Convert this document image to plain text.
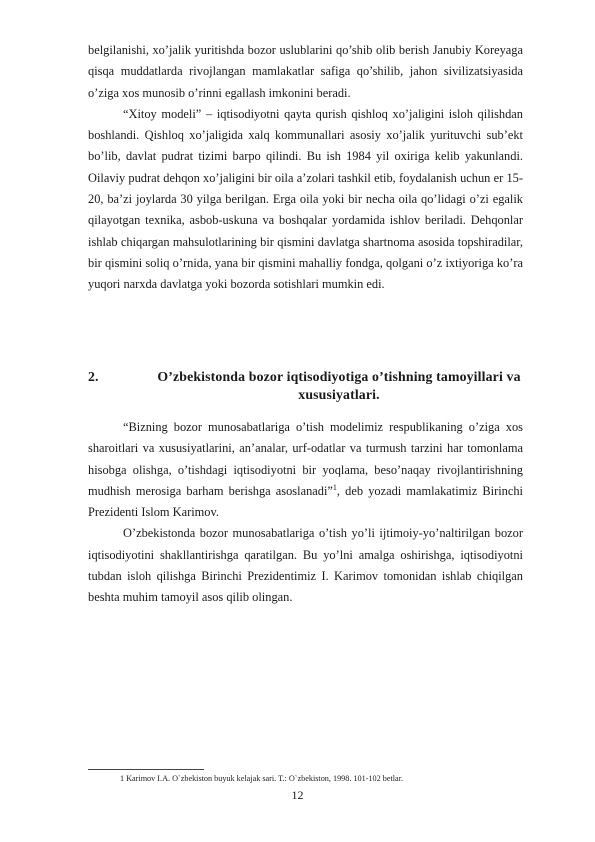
belgilanishi, xo’jalik yuritishda bozor uslublarini qo’shib olib berish Janubiy Koreyaga qisqa muddatlarda rivojlangan mamlakatlar safiga qo’shilib, jahon sivilizatsiyasida o’ziga xos munosib o’rinni egallash imkonini beradi.

“Xitoy modeli” – iqtisodiyotni qayta qurish qishloq xo’jaligini isloh qilishdan boshlandi. Qishloq xo’jaligida xalq kommunallari asosiy xo’jalik yurituvchi sub’ekt bo’lib, davlat pudrat tizimi barpo qilindi. Bu ish 1984 yil oxiriga kelib yakunlandi. Oilaviy pudrat dehqon xo’jaligini bir oila a’zolari tashkil etib, foydalanish uchun er 15-20, ba’zi joylarda 30 yilga berilgan. Erga oila yoki bir necha oila qo’lidagi o’zi egalik qilayotgan texnika, asbob-uskuna va boshqalar yordamida ishlov beriladi. Dehqonlar ishlab chiqargan mahsulotlarining bir qismini davlatga shartnoma asosida topshiradilar, bir qismini soliq o’rnida, yana bir qismini mahalliy fondga, qolgani o’z ixtiyoriga ko’ra yuqori narxda davlatga yoki bozorda sotishlari mumkin edi.

2.	O’zbekistonda bozor iqtisodiyotiga o’tishning tamoyillari va xususiyatlari.

“Bizning bozor munosabatlariga o’tish modelimiz respublikaning o’ziga xos sharoitlari va xususiyatlarini, an’analar, urf-odatlar va turmush tarzini har tomonlama hisobga olishga, o’tishdagi iqtisodiyotni bir yoqlama, beso’naqay rivojlantirishning mudhish merosiga barham berishga asoslanadi”$^1$, deb yozadi mamlakatimiz Birinchi Prezidenti Islom Karimov.

O’zbekistonda bozor munosabatlariga o’tish yo’li ijtimoiy-yo’naltirilgan bozor iqtisodiyotini shakllantirishga qaratilgan. Bu yo’lni amalga oshirishga, iqtisodiyotni tubdan isloh qilishga Birinchi Prezidentimiz I. Karimov tomonidan ishlab chiqilgan beshta muhim tamoyil asos qilib olingan.

1 Karimov I.A. O`zbekiston buyuk kelajak sari. T.: O`zbekiston, 1998. 101-102 betlar.
12
